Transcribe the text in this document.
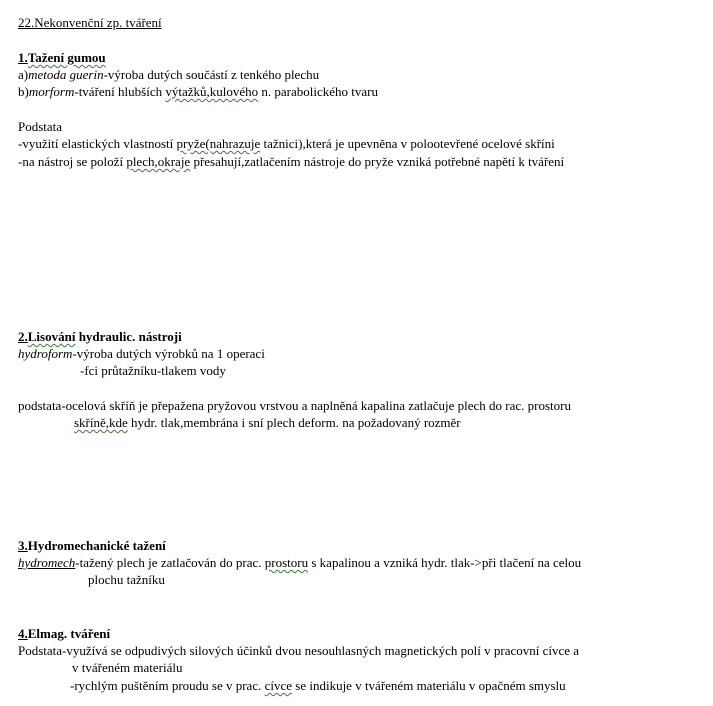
22.Nekonvenční zp. tváření
1.Tažení gumou
a)metoda guerin-výroba dutých součástí z tenkého plechu
b)morform-tváření hlubších výtažků,kulového n. parabolického tvaru
Podstata
-využití elastických vlastností pryže(nahrazuje tažnici),která je upevněna v polootevřené ocelové skříni
-na nástroj se položí plech,okraje přesahují,zatlačením nástroje do pryže vzniká potřebné napětí k tváření
2.Lisování hydraulic. nástroji
hydroform-výroba dutých výrobků na 1 operaci
-fci průtažníku-tlakem vody
podstata-ocelová skříň je přepažena pryžovou vrstvou a naplněná kapalina zatlačuje plech do rac. prostoru
skříně,kde hydr. tlak,membrána i sní plech deform. na požadovaný rozměr
3.Hydromechanické tažení
hydromech-tažený plech je zatlačován do prac. prostoru s kapalinou a vzniká hydr. tlak->při tlačení na celou
plochu tažníku
4.Elmag. tváření
Podstata-využívá se odpudivých silových účinků dvou nesouhlasných magnetických polí v pracovní cívce a
v tvářeném materiálu
-rychlým puštěním proudu se v prac. cívce se indikuje v tvářeném materiálu v opačném smyslu
